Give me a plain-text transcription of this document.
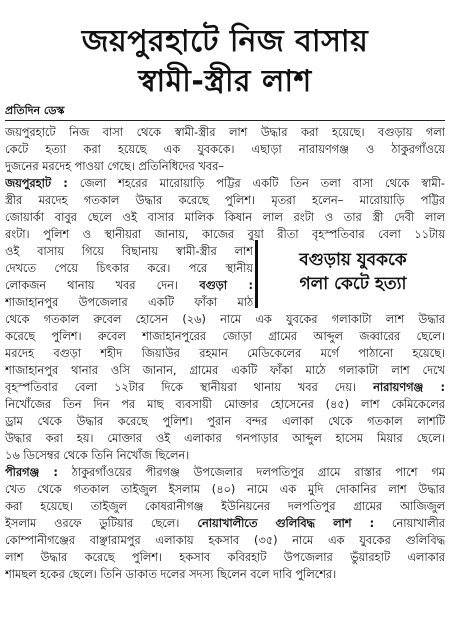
জয়পুরহাটে নিজ বাসায়
স্বামী-স্ত্রীর লাশ
প্রতিদিন ডেস্ক

জয়পুরহাটে নিজ বাসা থেকে স্বামী-স্ত্রীর লাশ উদ্ধার করা হয়েছে। বগুড়ায় গলা

কেটে হত্যা করা হয়েছে এক যুবককে। এছাড়া নারায়ণগঞ্জ ও ঠাকুরগাঁওয়ে

দুজনের মরদেহ পাওয়া গেছে। প্রতিনিধিদের খবর–

জয়পুরহাট : জেলা শহরের মারোয়াড়ি পট্টির একটি তিন তলা বাসা থেকে স্বামী-

স্ত্রীর মরদেহ গতকাল উদ্ধার করেছে পুলিশ। মৃতরা হলেন– মারোয়াড়ি পট্টির

জোয়ার্কা বাবুর ছেলে ওই বাসার মালিক কিষান লাল রংটা ও তার স্ত্রী দেবী লাল

রংটা। পুলিশ ও স্থানীয়রা জানায়, কাজের বুয়া রীতা বৃহস্পতিবার বেলা ১১টায়

ওই বাসায় গিয়ে বিছানায় স্বামী-স্ত্রীর লাশ

দেখতে পেয়ে চিৎকার করে। পরে স্থানীয়

লোকজন থানায় খবর দেন। বগুড়া :

শাজাহানপুর উপজেলার একটি ফাঁকা মাঠ

বগুড়ায় যুবককে
গলা কেটে হত্যা

থেকে গতকাল রুবেল হোসেন (২৬) নামে এক যুবকের গলাকাটা লাশ উদ্ধার

করেছে পুলিশ। রুবেল শাজাহানপুরের জোড়া গ্রামের আব্দুল জব্বারের ছেলে।

মরদেহ বগুড়া শহীদ জিয়াউর রহমান মেডিকেলের মর্গে পাঠানো হয়েছে।

শাজাহানপুর থানার ওসি জানান, গ্রামের একটি ফাঁকা মাঠে গলাকাটা লাশ দেখে

বৃহস্পতিবার বেলা ১২টার দিকে স্থানীয়রা থানায় খবর দেয়। নারায়ণগঞ্জ :

নিখোঁজের তিন দিন পর মাছ ব্যবসায়ী মোক্তার হোসেনের (৪৫) লাশ কেমিকেলের

ড্রাম থেকে উদ্ধার করেছে পুলিশ। পুরান বন্দর এলাকা থেকে গতকাল লাশটি

উদ্ধার করা হয়। মোক্তার ওই এলাকার গনপাড়ার আব্দুল হাসেম মিয়ার ছেলে।

১৬ ডিসেম্বর থেকে তিনি নিখোঁজ ছিলেন।

পীরগঞ্জ : ঠাকুরগাঁওয়ের পীরগঞ্জ উপজেলার দলপতিপুর গ্রামে রাস্তার পাশে গম

খেত থেকে গতকাল তাইজুল ইসলাম (৪০) নামে এক মুদি দোকানির লাশ উদ্ধার

করা হয়েছে। তাইজুল কোষরানীগঞ্জ ইউনিয়নের দলপতিপুর গ্রামের আজিজুল

ইসলাম ওরফে ডুটিয়ার ছেলে। নোয়াখালীতে গুলিবিদ্ধ লাশ : নোয়াখালীর

কোম্পানীগঞ্জের বাঞ্ছারামপুর এলাকায় হকসাব (৩৫) নামে এক যুবকের গুলিবিদ্ধ

লাশ উদ্ধার করেছে পুলিশ। হকসাব কবিরহাট উপজেলার ভুঁয়ারহাট এলাকার

শামছল হকের ছেলে। তিনি ডাকাত দলের সদস্য ছিলেন বলে দাবি পুলিশের।
